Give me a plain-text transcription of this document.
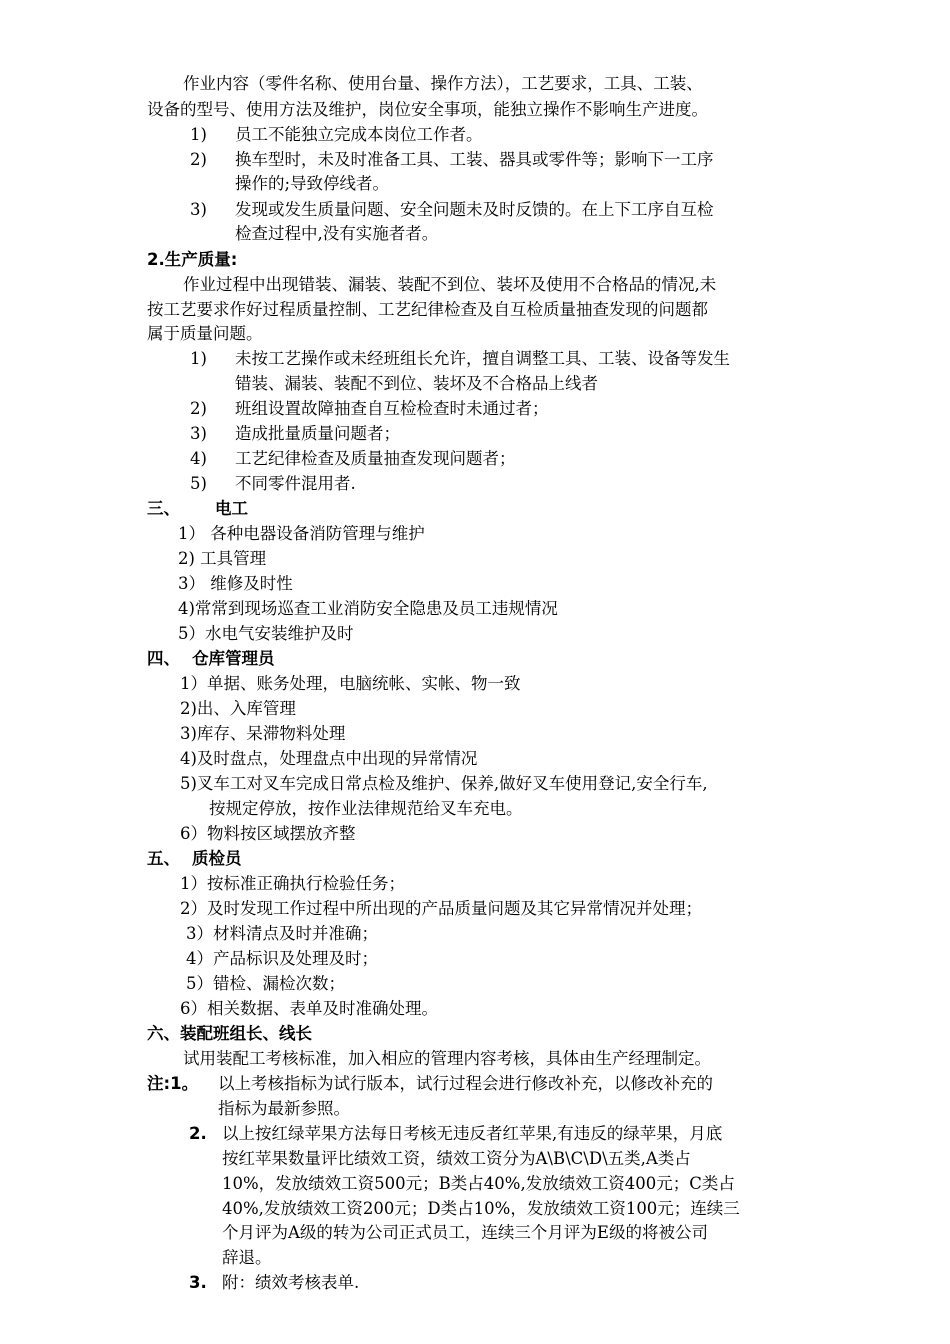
作业内容（零件名称、使用台量、操作方法），工艺要求，工具、工装、
设备的型号、使用方法及维护，岗位安全事项，能独立操作不影响生产进度。
1) 员工不能独立完成本岗位工作者。
2) 换车型时，未及时准备工具、工装、器具或零件等；影响下一工序
操作的;导致停线者。
3) 发现或发生质量问题、安全问题未及时反馈的。在上下工序自互检
检查过程中,没有实施者者。
2.生产质量:
作业过程中出现错装、漏装、装配不到位、装坏及使用不合格品的情况,未
按工艺要求作好过程质量控制、工艺纪律检查及自互检质量抽查发现的问题都
属于质量问题。
1) 未按工艺操作或未经班组长允许，擅自调整工具、工装、设备等发生
错装、漏装、装配不到位、装坏及不合格品上线者
2) 班组设置故障抽查自互检检查时未通过者；
3) 造成批量质量问题者；
4) 工艺纪律检查及质量抽查发现问题者；
5) 不同零件混用者.
三、 电工
1） 各种电器设备消防管理与维护
2) 工具管理
3） 维修及时性
4)常常到现场巡查工业消防安全隐患及员工违规情况
5）水电气安装维护及时
四、 仓库管理员
1）单据、账务处理，电脑统帐、实帐、物一致
2)出、入库管理
3)库存、呆滞物料处理
4)及时盘点，处理盘点中出现的异常情况
5)叉车工对叉车完成日常点检及维护、保养,做好叉车使用登记,安全行车,
按规定停放，按作业法律规范给叉车充电。
6）物料按区域摆放齐整
五、 质检员
1）按标准正确执行检验任务；
2）及时发现工作过程中所出现的产品质量问题及其它异常情况并处理；
3）材料清点及时并准确；
4）产品标识及处理及时；
5）错检、漏检次数；
6）相关数据、表单及时准确处理。
六、装配班组长、线长
试用装配工考核标准，加入相应的管理内容考核，具体由生产经理制定。
注:1。 以上考核指标为试行版本，试行过程会进行修改补充，以修改补充的
指标为最新参照。
2. 以上按红绿苹果方法每日考核无违反者红苹果,有违反的绿苹果，月底
按红苹果数量评比绩效工资，绩效工资分为A\B\C\D\五类,A类占
10%，发放绩效工资500元；B类占40%,发放绩效工资400元；C类占
40%,发放绩效工资200元；D类占10%，发放绩效工资100元；连续三
个月评为A级的转为公司正式员工，连续三个月评为E级的将被公司
辞退。
3. 附：绩效考核表单.
